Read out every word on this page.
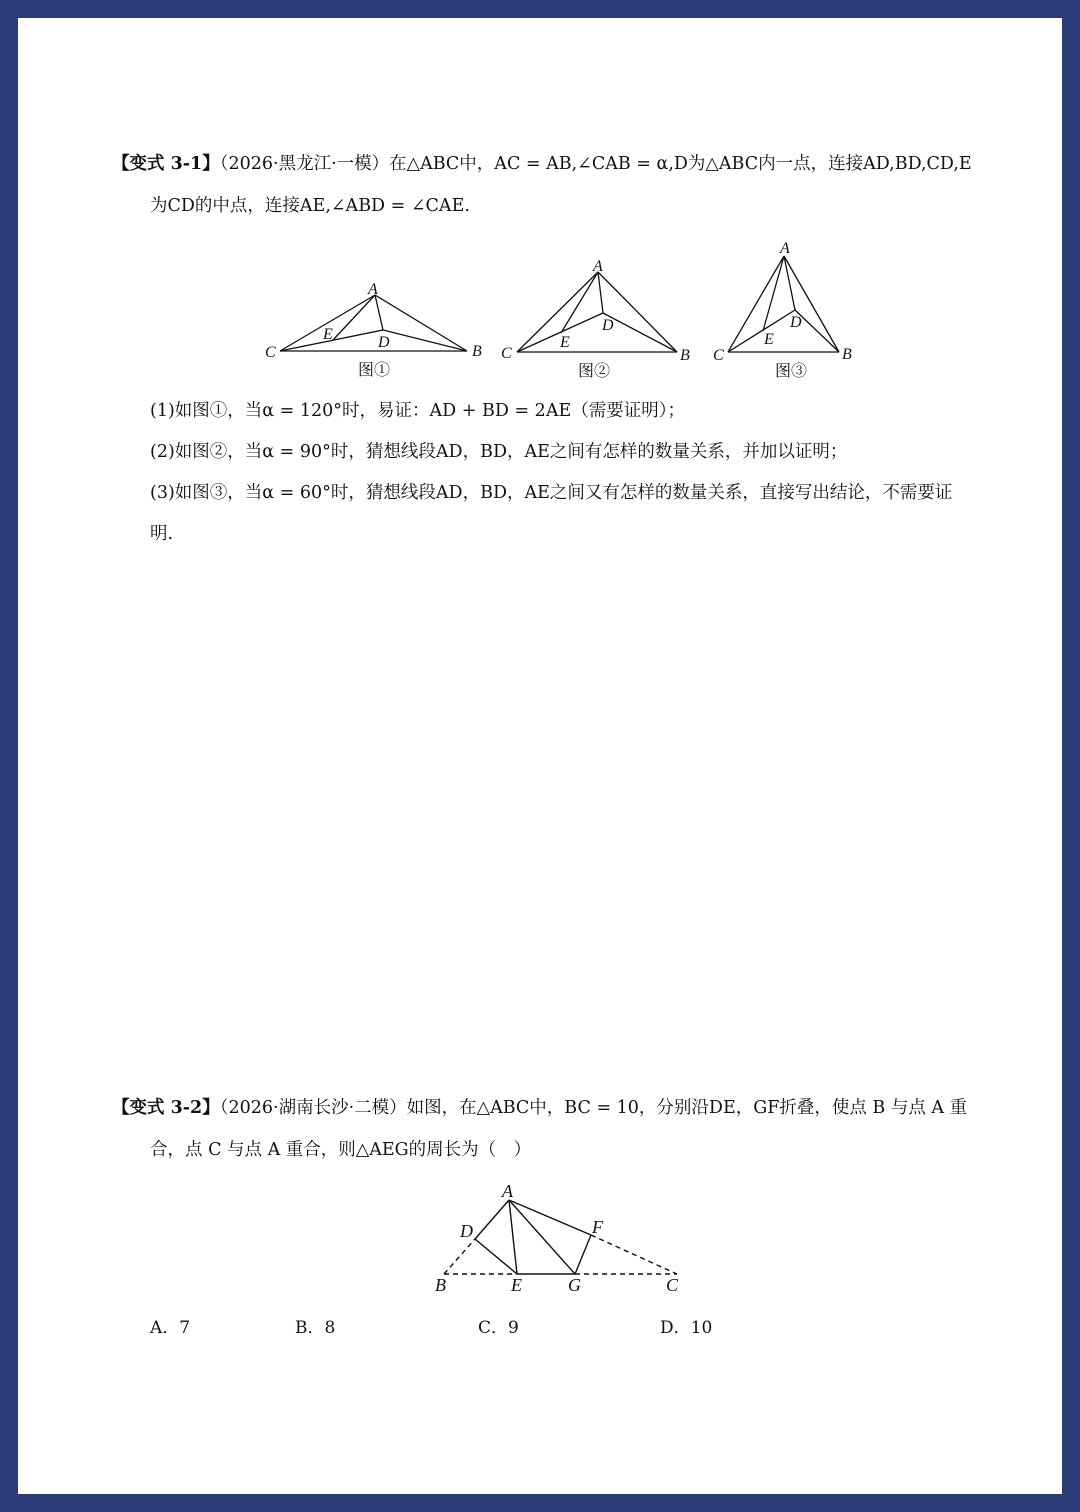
【变式 3-1】（2026·黑龙江·一模）在△ABC中，AC = AB,∠CAB = α,D为△ABC内一点，连接AD,BD,CD,E
为CD的中点，连接AE,∠ABD = ∠CAE.
A
B
C
D
E
图①
A
B
C
D
E
图②
A
B
C
D
E
图③
(1)如图①，当α = 120°时，易证：AD + BD = 2AE（需要证明）；
(2)如图②，当α = 90°时，猜想线段AD，BD，AE之间有怎样的数量关系，并加以证明；
(3)如图③，当α = 60°时，猜想线段AD，BD，AE之间又有怎样的数量关系，直接写出结论，不需要证
明.
【变式 3-2】（2026·湖南长沙·二模）如图，在△ABC中，BC = 10，分别沿DE，GF折叠，使点 B 与点 A 重
合，点 C 与点 A 重合，则△AEG的周长为（　）
A
D	F
B	E	G	C
A．7	B．8	C．9	D．10
